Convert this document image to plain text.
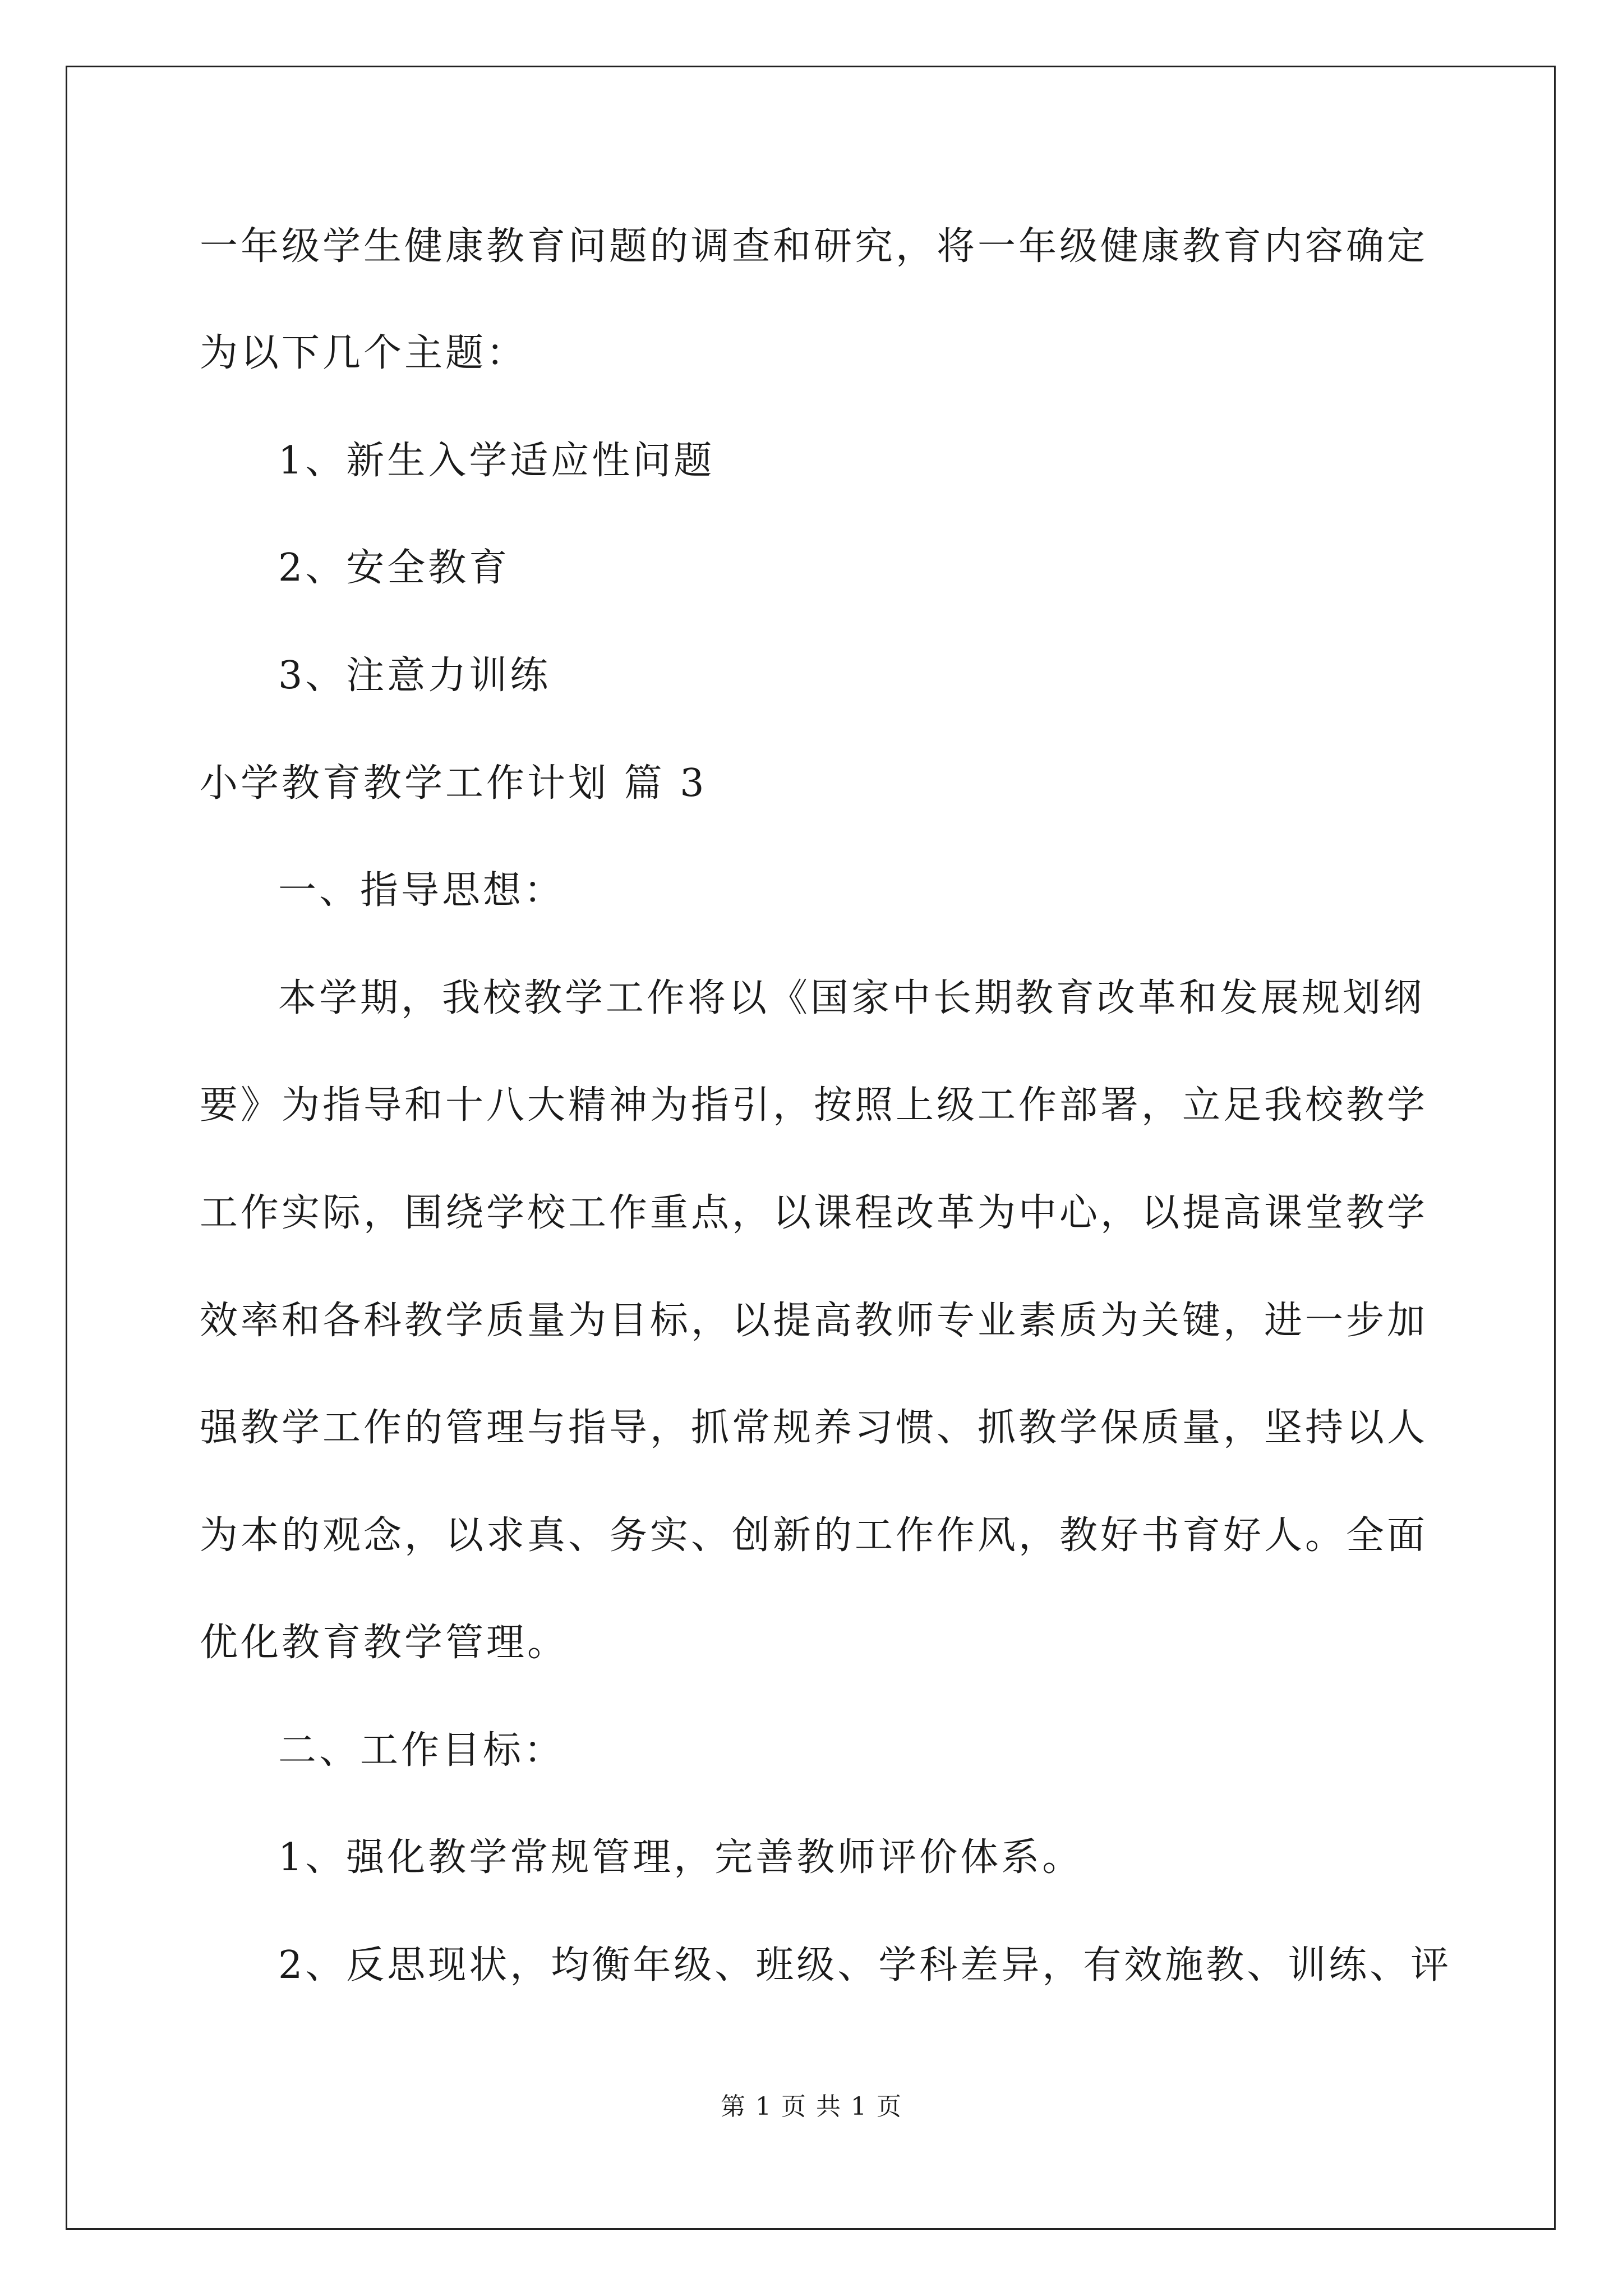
一年级学生健康教育问题的调查和研究，将一年级健康教育内容确定
为以下几个主题：
1、新生入学适应性问题
2、安全教育
3、注意力训练
小学教育教学工作计划 篇 3
一、指导思想：
本学期，我校教学工作将以《国家中长期教育改革和发展规划纲
要》为指导和十八大精神为指引，按照上级工作部署，立足我校教学
工作实际，围绕学校工作重点，以课程改革为中心，以提高课堂教学
效率和各科教学质量为目标，以提高教师专业素质为关键，进一步加
强教学工作的管理与指导，抓常规养习惯、抓教学保质量，坚持以人
为本的观念，以求真、务实、创新的工作作风，教好书育好人。全面
优化教育教学管理。
二、工作目标：
1、强化教学常规管理，完善教师评价体系。
2、反思现状，均衡年级、班级、学科差异，有效施教、训练、评
第 1 页 共 1 页
